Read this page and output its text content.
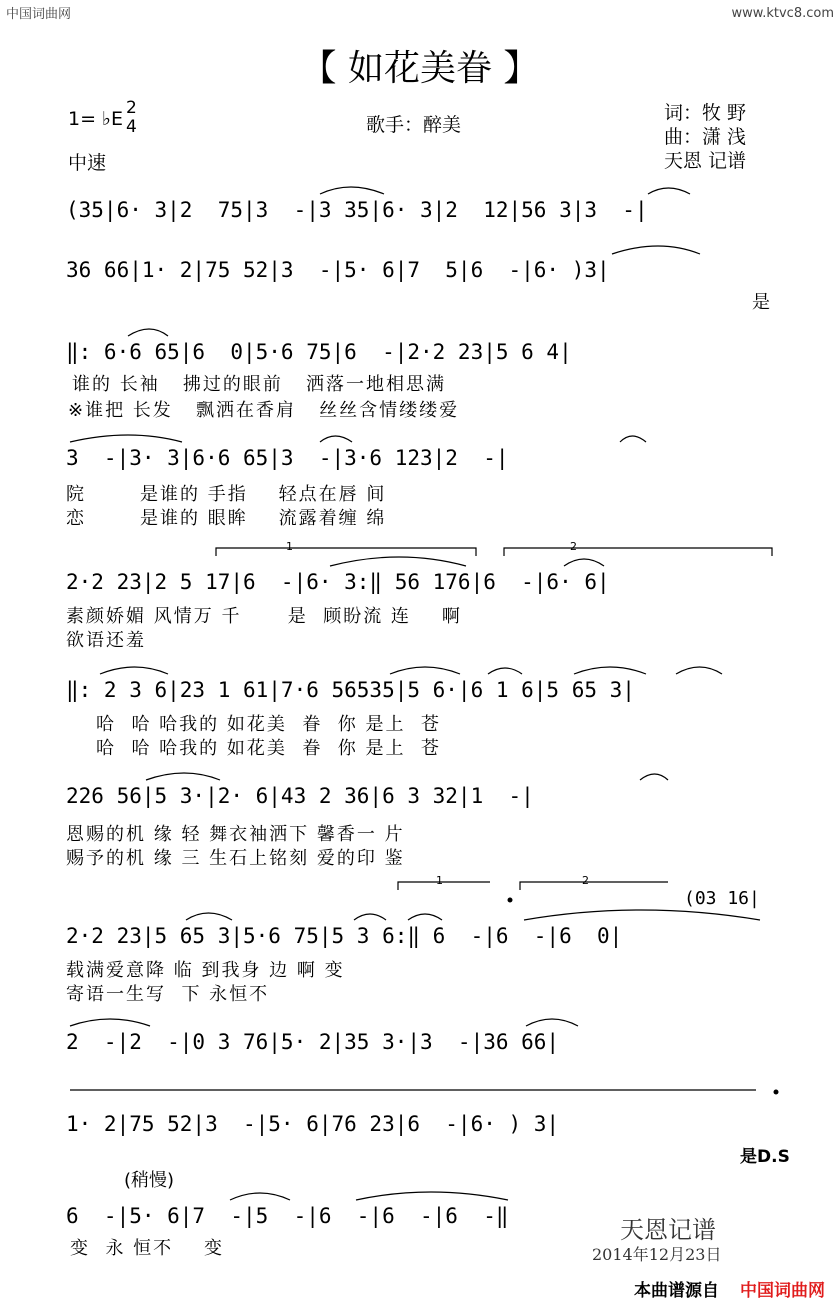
中国词曲网	www.ktvc8.com
【 如花美眷 】
1= ♭E 2
4	歌手：醉美
词：牧 野
曲：潇 浅
天恩 记谱
中速
(35|6· 3|2  75|3  -|3 35|6· 3|2  12|56 3|3  -|
36 66|1· 2|75 52|3  -|5· 6|7  5|6  -|6· )3|
是
‖: 6·6 65|6  0|5·6 75|6  -|2·2 23|5 6 4|
谁的 长袖   拂过的眼前   洒落一地相思满
※谁把 长发   飘洒在香肩   丝丝含情缕缕爱
3  -|3· 3|6·6 65|3  -|3·6 123|2  -|
院       是谁的 手指    轻点在唇 间
恋       是谁的 眼眸    流露着缠 绵
1	2
2·2 23|2 5 17|6  -|6· 3:‖ 56 176|6  -|6· 6|
素颜娇媚 风情万 千      是  顾盼流 连    啊
欲语还羞
‖: 2 3 6|23 1 61|7·6 56535|5 6·|6 1 6|5 65 3|
哈  哈 哈我的 如花美  眷  你 是上  苍
哈  哈 哈我的 如花美  眷  你 是上  苍
226 56|5 3·|2· 6|43 2 36|6 3 32|1  -|
恩赐的机 缘 轻 舞衣袖洒下 馨香一 片
赐予的机 缘 三 生石上铭刻 爱的印 鉴
1	2
(03 16|
2·2 23|5 65 3|5·6 75|5 3 6:‖ 6  -|6  -|6  0|
载满爱意降 临 到我身 边 啊 变
寄语一生写  下 永恒不
2  -|2  -|0 3 76|5· 2|35 3·|3  -|36 66|
1· 2|75 52|3  -|5· 6|76 23|6  -|6· ) 3|
是D.S
(稍慢)
6  -|5· 6|7  -|5  -|6  -|6  -|6  -‖
变  永 恒不    变
天恩记谱
2014年12月23日
本曲谱源自 中国词曲网
